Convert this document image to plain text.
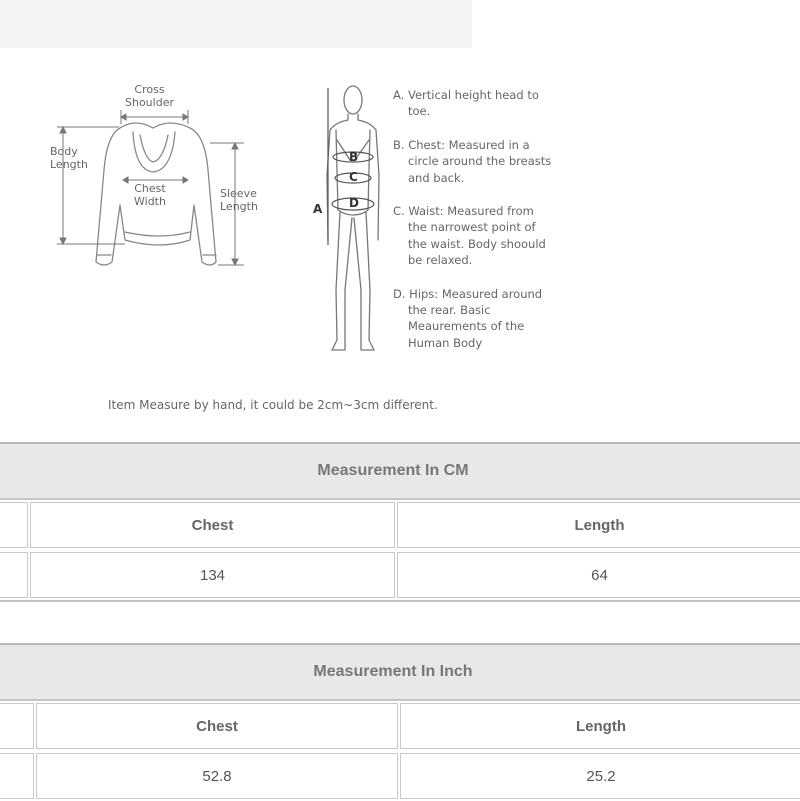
Cross
Shoulder
Body
Length
Chest
Width
Sleeve
Length	A
B
C
D

A. Vertical height head to toe.

B. Chest: Measured in a circle around the breasts and back.

C. Waist: Measured from the narrowest point of the waist. Body shoould be relaxed.

D. Hips: Measured around the rear. Basic Meaurements of the Human Body

Item Measure by hand, it could be 2cm~3cm different.
Measurement In CM
Chest	Length
134	64
Measurement In Inch
Chest	Length
52.8	25.2
